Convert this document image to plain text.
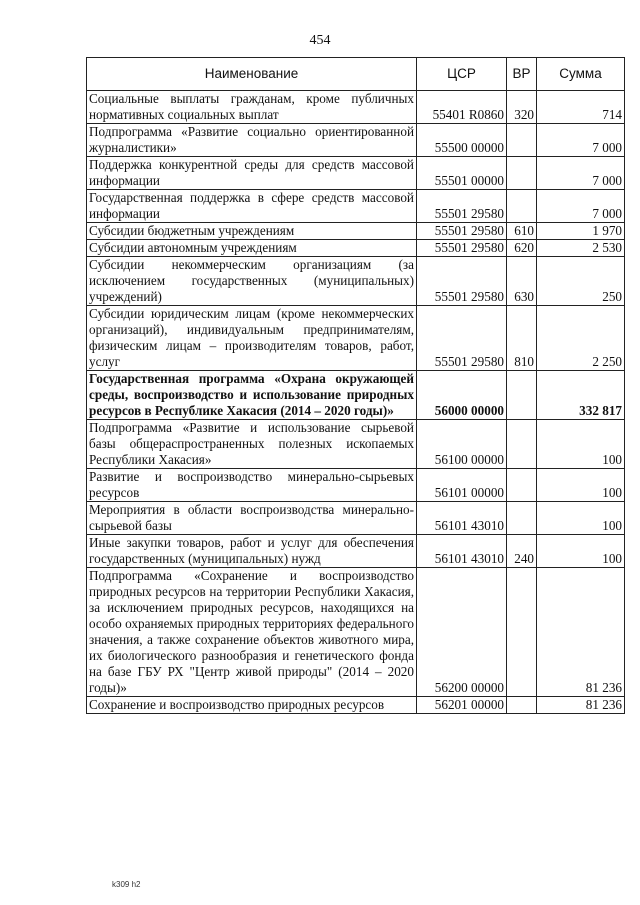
454
Наименование	ЦСР	ВР	Сумма
Социальные выплаты гражданам, кроме публичных нормативных социальных выплат	55401 R0860	320	714
Подпрограмма «Развитие социально ориентированной журналистики»	55500 00000		7 000
Поддержка конкурентной среды для средств массовой информации	55501 00000		7 000
Государственная поддержка в сфере средств массовой информации	55501 29580		7 000
Субсидии бюджетным учреждениям	55501 29580	610	1 970
Субсидии автономным учреждениям	55501 29580	620	2 530
Субсидии некоммерческим организациям (за исключением государственных (муниципальных) учреждений)	55501 29580	630	250
Субсидии юридическим лицам (кроме некоммерческих организаций), индивидуальным предпринимателям, физическим лицам – производителям товаров, работ, услуг	55501 29580	810	2 250
Государственная программа «Охрана окружающей среды, воспроизводство и использование природных ресурсов в Республике Хакасия (2014 – 2020 годы)»	56000 00000		332 817
Подпрограмма «Развитие и использование сырьевой базы общераспространенных полезных ископаемых Республики Хакасия»	56100 00000		100
Развитие и воспроизводство минерально-сырьевых ресурсов	56101 00000		100
Мероприятия в области воспроизводства минерально-сырьевой базы	56101 43010		100
Иные закупки товаров, работ и услуг для обеспечения государственных (муниципальных) нужд	56101 43010	240	100
Подпрограмма «Сохранение и воспроизводство природных ресурсов на территории Республики Хакасия, за исключением природных ресурсов, находящихся на особо охраняемых природных территориях федерального значения, а также сохранение объектов животного мира, их биологического разнообразия и генетического фонда на базе ГБУ РХ "Центр живой природы" (2014 – 2020 годы)»	56200 00000		81 236
Сохранение и воспроизводство природных ресурсов	56201 00000		81 236
k309 h2
